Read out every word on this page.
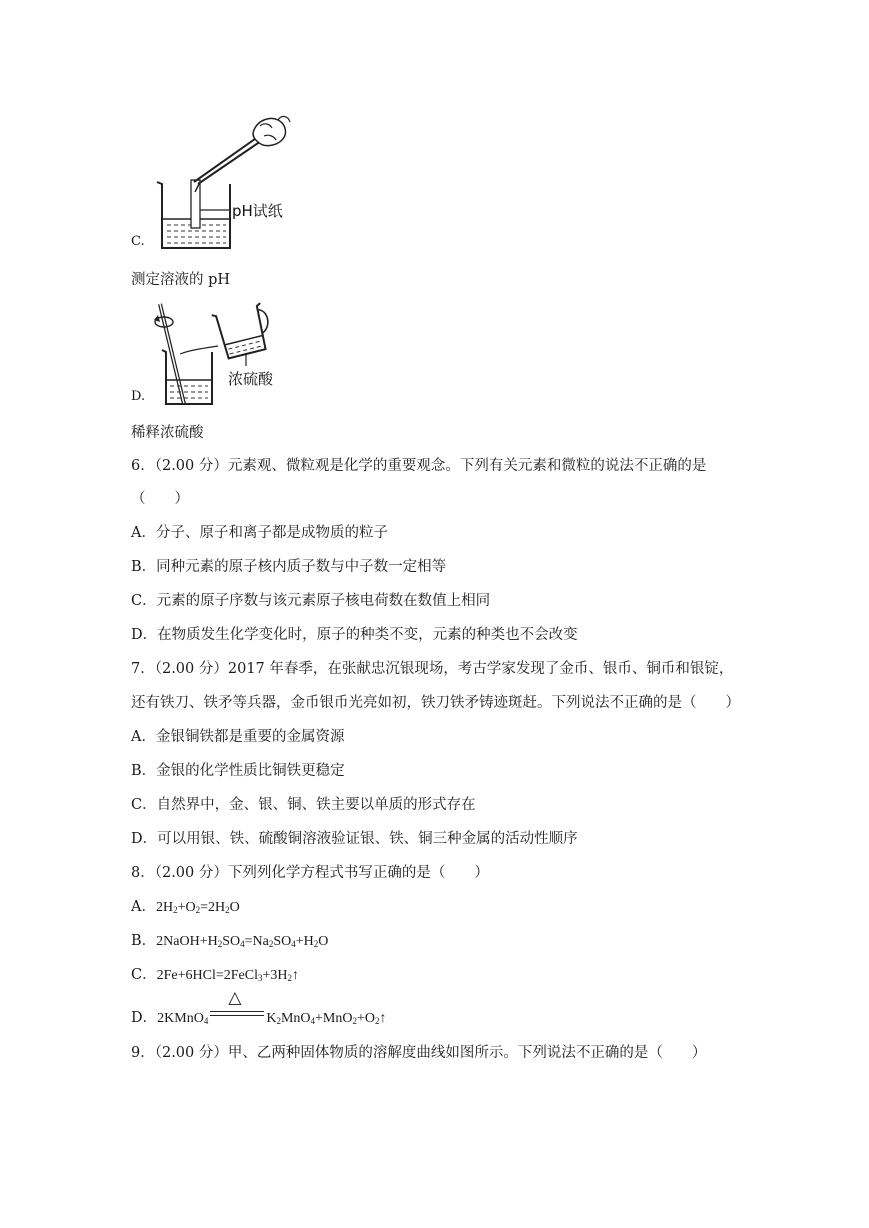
pH试纸
C.
测定溶液的 pH
浓硫酸
D.
稀释浓硫酸
6．（2.00 分）元素观、微粒观是化学的重要观念。下列有关元素和微粒的说法不正确的是
（　　）
A．分子、原子和离子都是成物质的粒子
B．同种元素的原子核内质子数与中子数一定相等
C．元素的原子序数与该元素原子核电荷数在数值上相同
D．在物质发生化学变化时，原子的种类不变，元素的种类也不会改变
7．（2.00 分）2017 年春季，在张献忠沉银现场，考古学家发现了金币、银币、铜币和银锭，
还有铁刀、铁矛等兵器，金币银币光亮如初，铁刀铁矛铸迹斑赶。下列说法不正确的是（　　）
A．金银铜铁都是重要的金属资源
B．金银的化学性质比铜铁更稳定
C．自然界中，金、银、铜、铁主要以单质的形式存在
D．可以用银、铁、硫酸铜溶液验证银、铁、铜三种金属的活动性顺序
8．（2.00 分）下列列化学方程式书写正确的是（　　）
A．$2H_2+O_2=2H_2O$
B．$2NaOH+H_2SO_4=Na_2SO_4+H_2O$
C．$2Fe+6HCl=2FeCl_3+3H_2↑$
D．2KMnO$_4$
△
$K_2MnO_4+MnO_2+O_2↑$
9．（2.00 分）甲、乙两种固体物质的溶解度曲线如图所示。下列说法不正确的是（　　）
